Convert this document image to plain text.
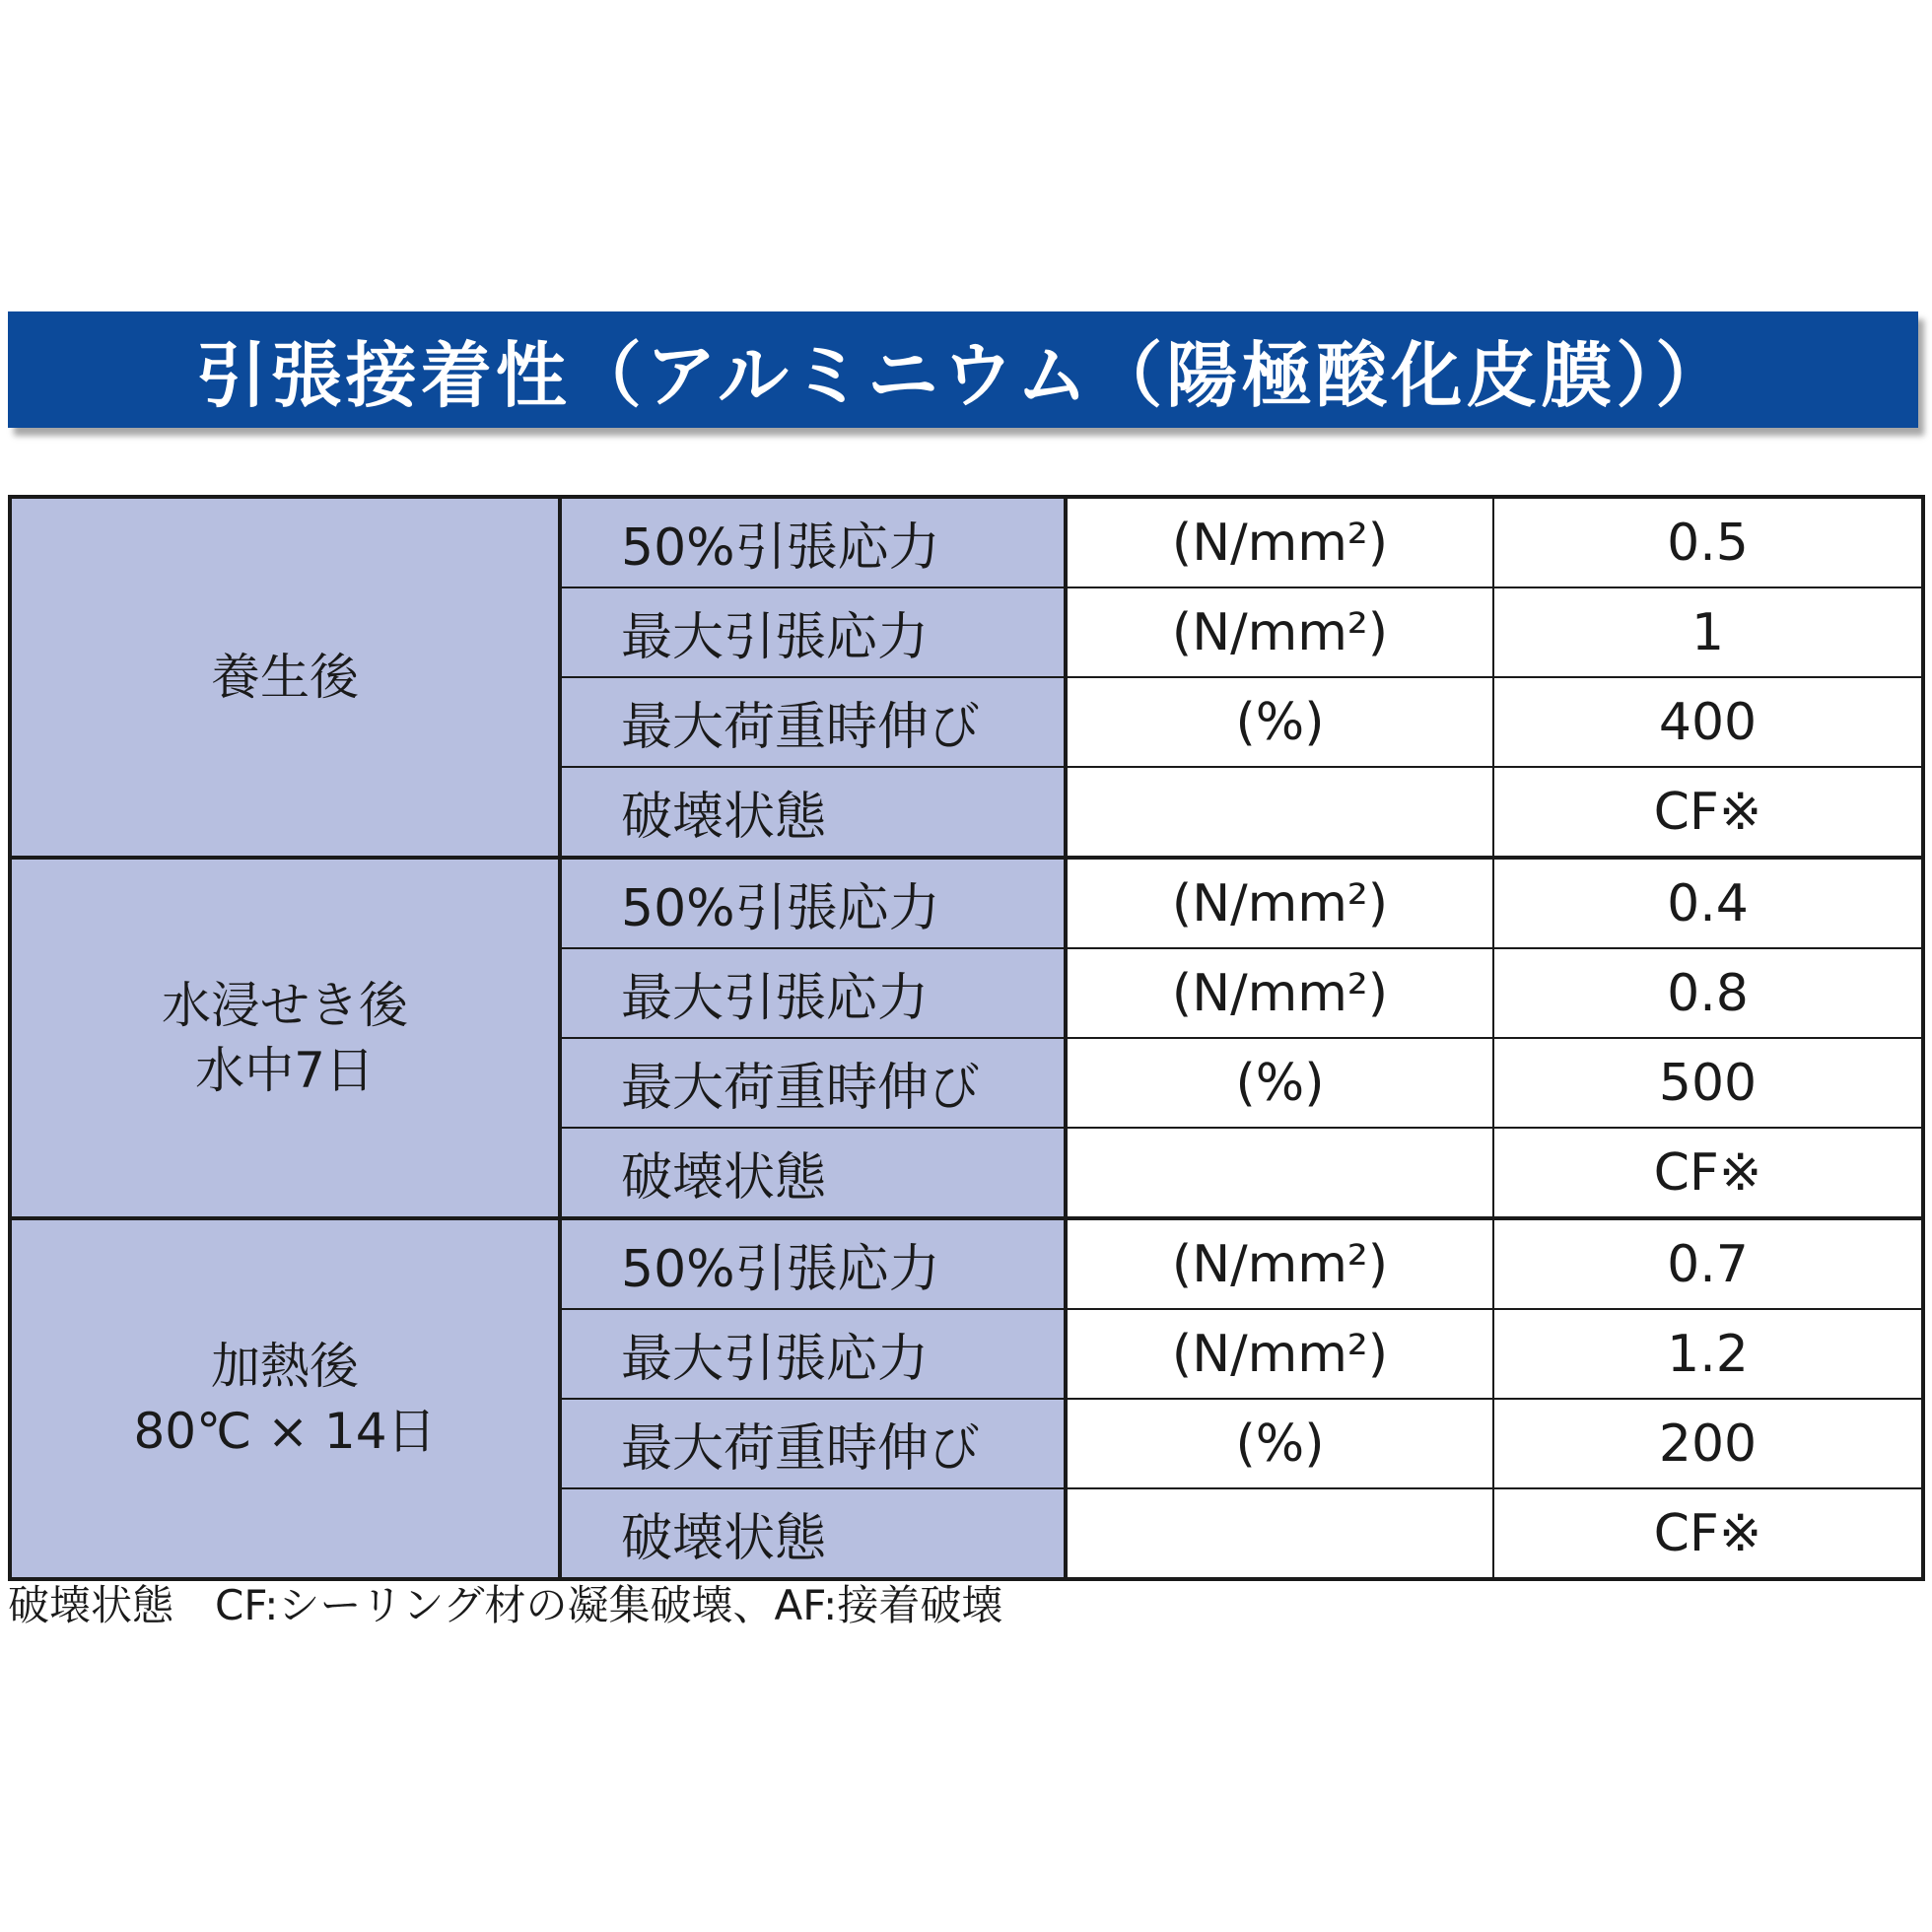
引張接着性（アルミニウム（陽極酸化皮膜））
養生後	50%引張応力	(N/mm²)	0.5
	最大引張応力	(N/mm²)	1
	最大荷重時伸び	(%)	400
	破壊状態		CF※

水浸せき後
水中7日	50%引張応力	(N/mm²)	0.4
	最大引張応力	(N/mm²)	0.8
	最大荷重時伸び	(%)	500
	破壊状態		CF※

加熱後
80℃ × 14日	50%引張応力	(N/mm²)	0.7
	最大引張応力	(N/mm²)	1.2
	最大荷重時伸び	(%)	200
	破壊状態		CF※
破壊状態　CF:シーリング材の凝集破壊、AF:接着破壊
